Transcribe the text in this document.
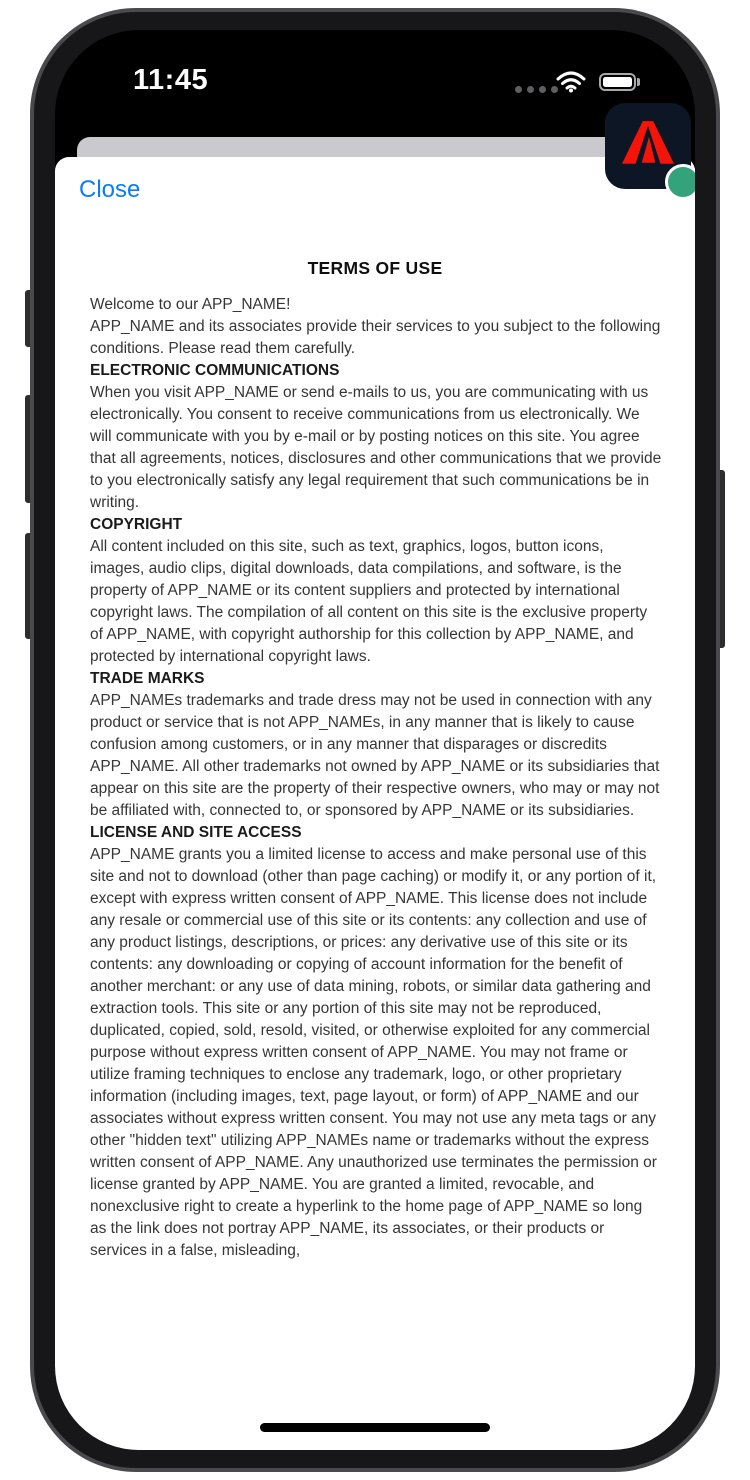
11:45
Close
TERMS OF USE

Welcome to our APP_NAME!

APP_NAME and its associates provide their services to you subject to the following conditions. Please read them carefully.

ELECTRONIC COMMUNICATIONS

When you visit APP_NAME or send e-mails to us, you are communicating with us electronically. You consent to receive communications from us electronically. We will communicate with you by e-mail or by posting notices on this site. You agree that all agreements, notices, disclosures and other communications that we provide to you electronically satisfy any legal requirement that such communications be in writing.

COPYRIGHT

All content included on this site, such as text, graphics, logos, button icons, images, audio clips, digital downloads, data compilations, and software, is the property of APP_NAME or its content suppliers and protected by international copyright laws. The compilation of all content on this site is the exclusive property of APP_NAME, with copyright authorship for this collection by APP_NAME, and protected by international copyright laws.

TRADE MARKS

APP_NAMEs trademarks and trade dress may not be used in connection with any product or service that is not APP_NAMEs, in any manner that is likely to cause confusion among customers, or in any manner that disparages or discredits APP_NAME. All other trademarks not owned by APP_NAME or its subsidiaries that appear on this site are the property of their respective owners, who may or may not be affiliated with, connected to, or sponsored by APP_NAME or its subsidiaries.

LICENSE AND SITE ACCESS

APP_NAME grants you a limited license to access and make personal use of this site and not to download (other than page caching) or modify it, or any portion of it, except with express written consent of APP_NAME. This license does not include any resale or commercial use of this site or its contents: any collection and use of any product listings, descriptions, or prices: any derivative use of this site or its contents: any downloading or copying of account information for the benefit of another merchant: or any use of data mining, robots, or similar data gathering and extraction tools. This site or any portion of this site may not be reproduced, duplicated, copied, sold, resold, visited, or otherwise exploited for any commercial purpose without express written consent of APP_NAME. You may not frame or utilize framing techniques to enclose any trademark, logo, or other proprietary information (including images, text, page layout, or form) of APP_NAME and our associates without express written consent. You may not use any meta tags or any other "hidden text" utilizing APP_NAMEs name or trademarks without the express written consent of APP_NAME. Any unauthorized use terminates the permission or license granted by APP_NAME. You are granted a limited, revocable, and nonexclusive right to create a hyperlink to the home page of APP_NAME so long as the link does not portray APP_NAME, its associates, or their products or services in a false, misleading,
